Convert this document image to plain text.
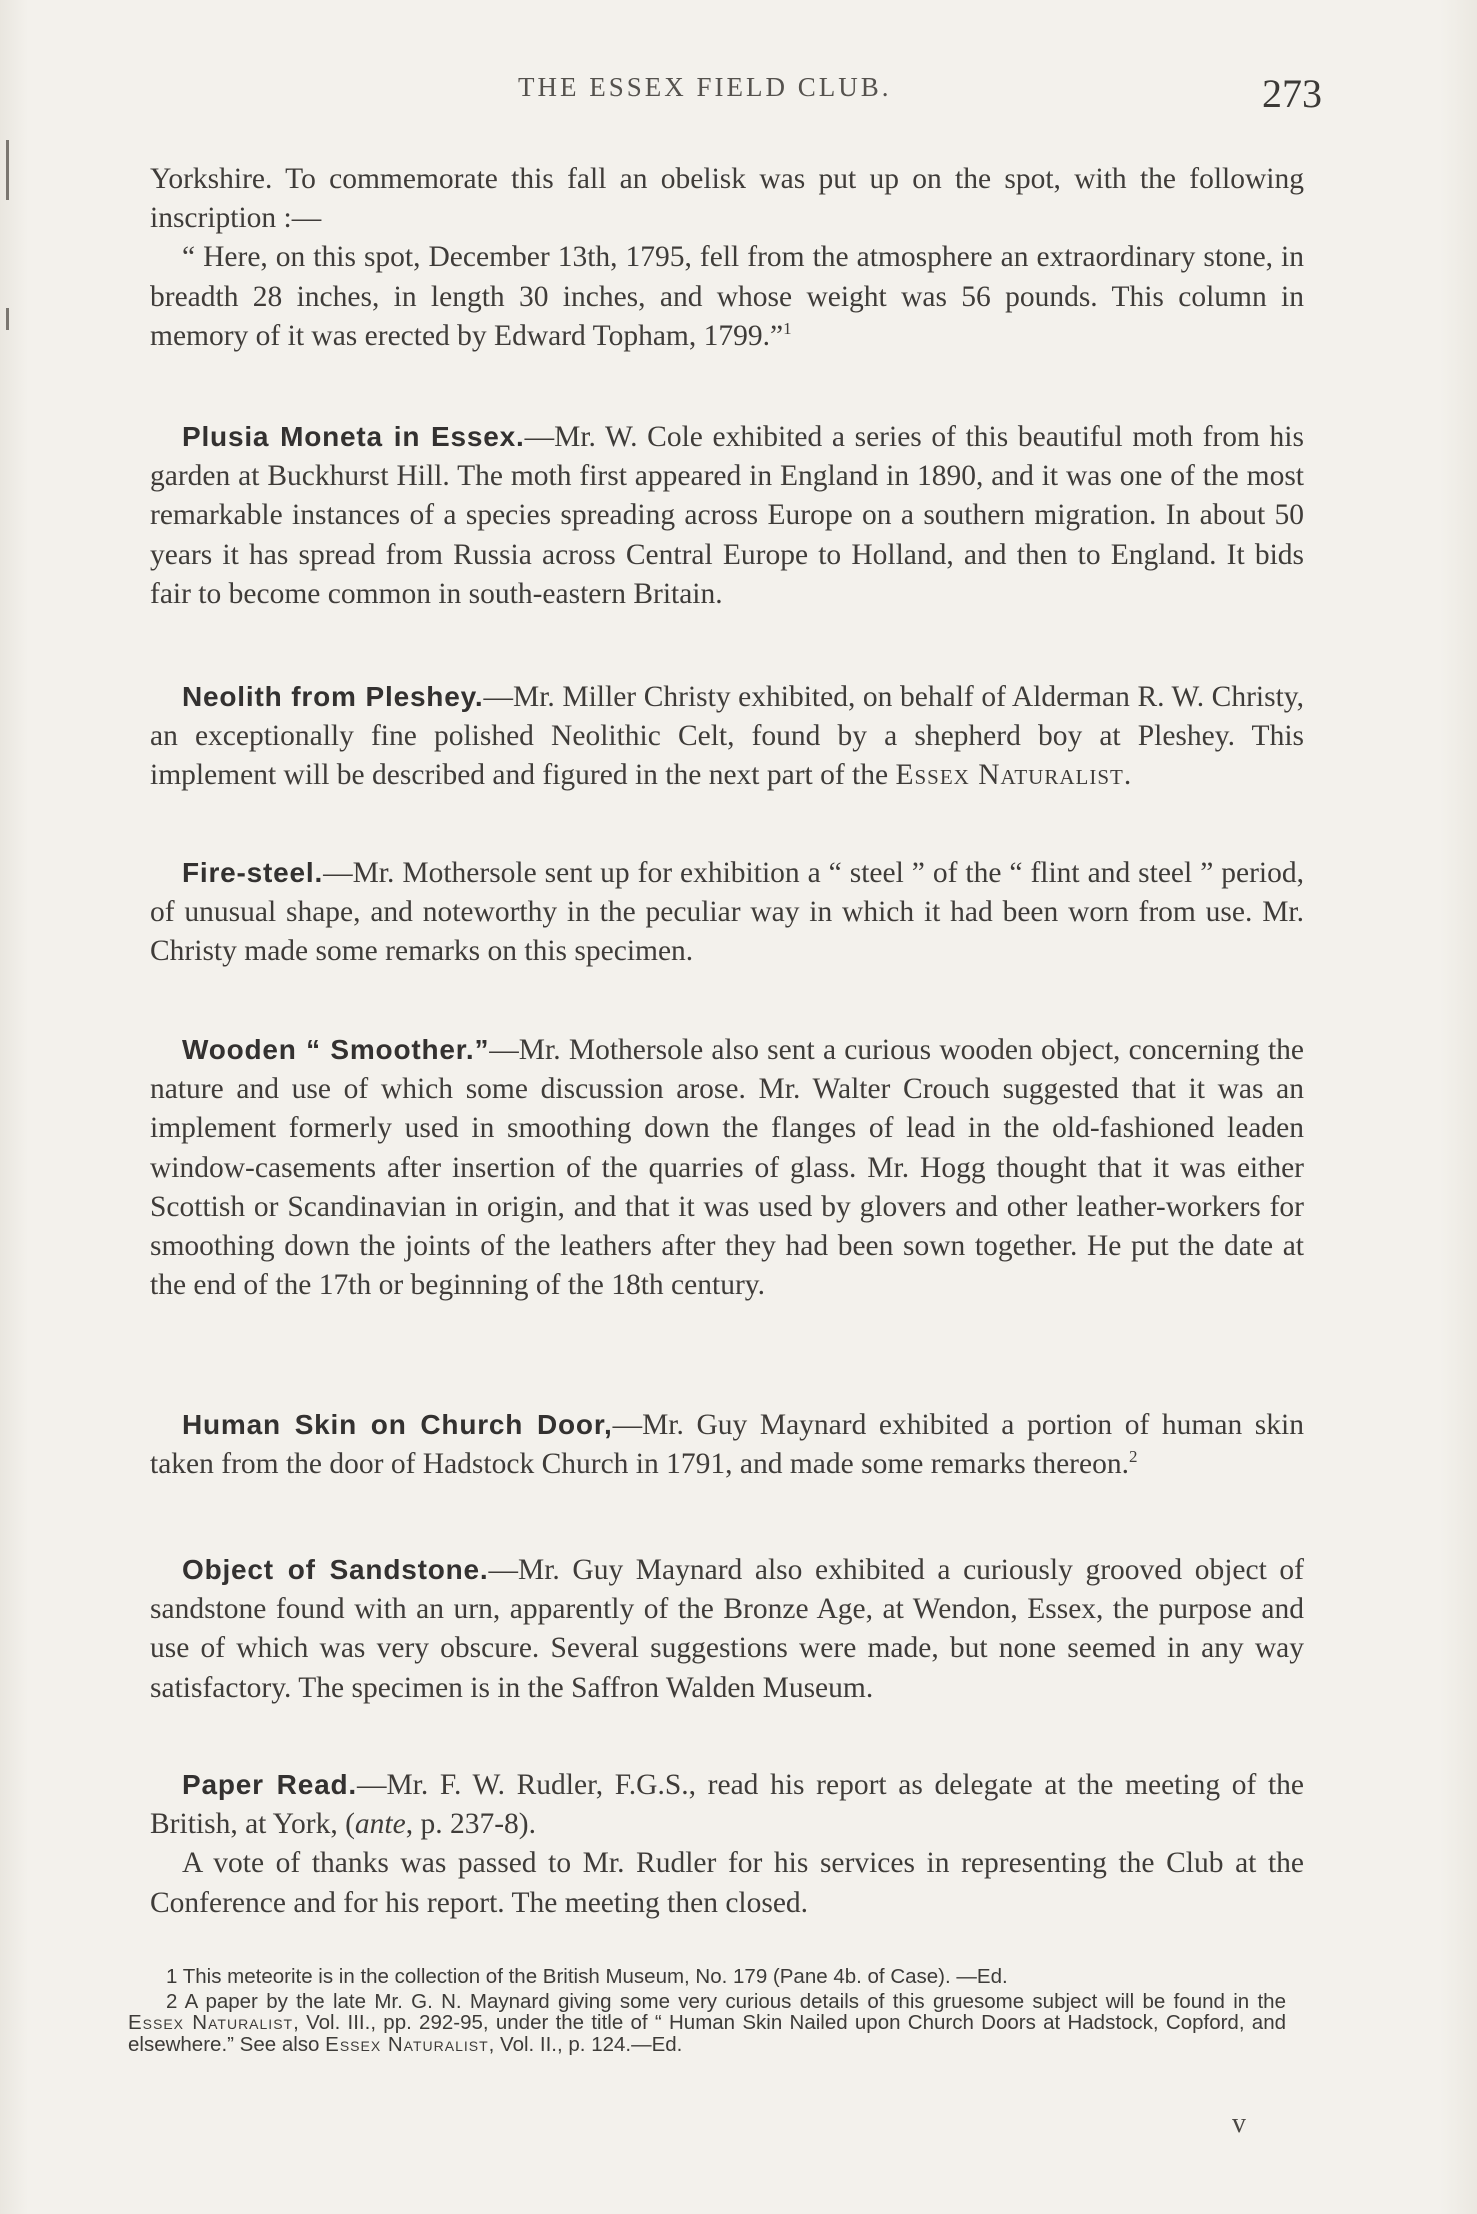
THE ESSEX FIELD CLUB.	273

Yorkshire. To commemorate this fall an obelisk was put up on the spot, with the following inscription :—

“ Here, on this spot, December 13th, 1795, fell from the atmosphere an extraordinary stone, in breadth 28 inches, in length 30 inches, and whose weight was 56 pounds. This column in memory of it was erected by Edward Topham, 1799.”$^1$

Plusia Moneta in Essex.—Mr. W. Cole exhibited a series of this beautiful moth from his garden at Buckhurst Hill. The moth first appeared in England in 1890, and it was one of the most remarkable instances of a species spreading across Europe on a southern migration. In about 50 years it has spread from Russia across Central Europe to Holland, and then to England. It bids fair to become common in south-eastern Britain.

Neolith from Pleshey.—Mr. Miller Christy exhibited, on behalf of Alderman R. W. Christy, an exceptionally fine polished Neolithic Celt, found by a shepherd boy at Pleshey. This implement will be described and figured in the next part of the Essex Naturalist.

Fire-steel.—Mr. Mothersole sent up for exhibition a “ steel ” of the “ flint and steel ” period, of unusual shape, and noteworthy in the peculiar way in which it had been worn from use. Mr. Christy made some remarks on this specimen.

Wooden “ Smoother.”—Mr. Mothersole also sent a curious wooden object, concerning the nature and use of which some discussion arose. Mr. Walter Crouch suggested that it was an implement formerly used in smoothing down the flanges of lead in the old-fashioned leaden window-casements after insertion of the quarries of glass. Mr. Hogg thought that it was either Scottish or Scandinavian in origin, and that it was used by glovers and other leather-workers for smoothing down the joints of the leathers after they had been sown together. He put the date at the end of the 17th or beginning of the 18th century.

Human Skin on Church Door,—Mr. Guy Maynard exhibited a portion of human skin taken from the door of Hadstock Church in 1791, and made some remarks thereon.$^2$

Object of Sandstone.—Mr. Guy Maynard also exhibited a curiously grooved object of sandstone found with an urn, apparently of the Bronze Age, at Wendon, Essex, the purpose and use of which was very obscure. Several suggestions were made, but none seemed in any way satisfactory. The specimen is in the Saffron Walden Museum.

Paper Read.—Mr. F. W. Rudler, F.G.S., read his report as delegate at the meeting of the British, at York, (ante, p. 237-8).

A vote of thanks was passed to Mr. Rudler for his services in representing the Club at the Conference and for his report. The meeting then closed.

1 This meteorite is in the collection of the British Museum, No. 179 (Pane 4b. of Case). —Ed.

2 A paper by the late Mr. G. N. Maynard giving some very curious details of this gruesome subject will be found in the Essex Naturalist, Vol. III., pp. 292-95, under the title of “ Human Skin Nailed upon Church Doors at Hadstock, Copford, and elsewhere.” See also Essex Naturalist, Vol. II., p. 124.—Ed.

v
